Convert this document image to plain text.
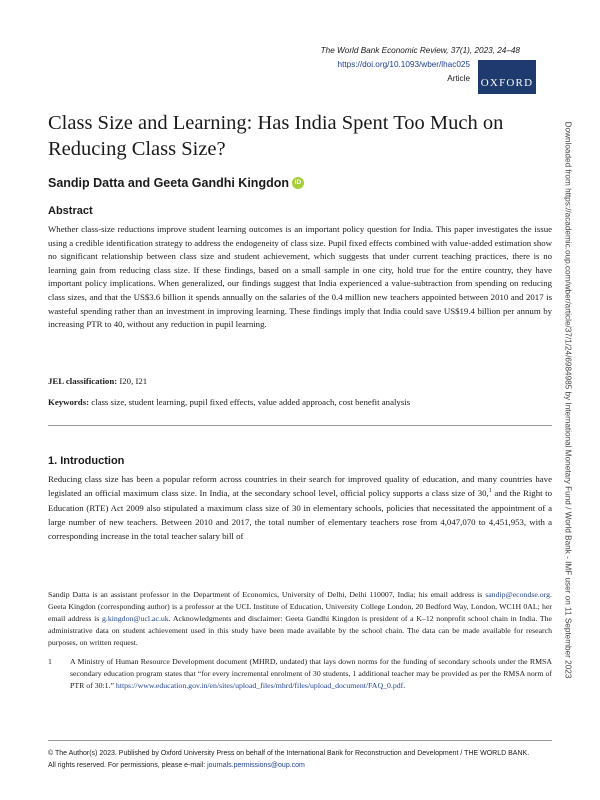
The World Bank Economic Review, 37(1), 2023, 24–48
https://doi.org/10.1093/wber/lhac025
Article OXFORD
Class Size and Learning: Has India Spent Too Much on Reducing Class Size?
Sandip Datta and Geeta Gandhi Kingdon iD
Abstract

Whether class-size reductions improve student learning outcomes is an important policy question for India. This paper investigates the issue using a credible identification strategy to address the endogeneity of class size. Pupil fixed effects combined with value-added estimation show no significant relationship between class size and student achievement, which suggests that under current teaching practices, there is no learning gain from reducing class size. If these findings, based on a small sample in one city, hold true for the entire country, they have important policy implications. When generalized, our findings suggest that India experienced a value-subtraction from spending on reducing class sizes, and that the US$3.6 billion it spends annually on the salaries of the 0.4 million new teachers appointed between 2010 and 2017 is wasteful spending rather than an investment in improving learning. These findings imply that India could save US$19.4 billion per annum by increasing PTR to 40, without any reduction in pupil learning.

JEL classification: I20, I21

Keywords: class size, student learning, pupil fixed effects, value added approach, cost benefit analysis

1. Introduction

Reducing class size has been a popular reform across countries in their search for improved quality of education, and many countries have legislated an official maximum class size. In India, at the secondary school level, official policy supports a class size of 30,$^1$ and the Right to Education (RTE) Act 2009 also stipulated a maximum class size of 30 in elementary schools, policies that necessitated the appointment of a large number of new teachers. Between 2010 and 2017, the total number of elementary teachers rose from 4,047,070 to 4,451,953, with a corresponding increase in the total teacher salary bill of

Sandip Datta is an assistant professor in the Department of Economics, University of Delhi, Delhi 110007, India; his email address is sandip@econdse.org. Geeta Kingdon (corresponding author) is a professor at the UCL Institute of Education, University College London, 20 Bedford Way, London, WC1H 0AL; her email address is g.kingdon@ucl.ac.uk. Acknowledgments and disclaimer: Geeta Gandhi Kingdon is president of a K–12 nonprofit school chain in India. The administrative data on student achievement used in this study have been made available by the school chain. The data can be made available for research purposes, on written request.

1	A Ministry of Human Resource Development document (MHRD, undated) that lays down norms for the funding of secondary schools under the RMSA secondary education program states that “for every incremental enrolment of 30 students, 1 additional teacher may be provided as per the RMSA norm of PTR of 30:1.” https://www.education.gov.in/en/sites/upload_files/mhrd/files/upload_document/FAQ_0.pdf.

© The Author(s) 2023. Published by Oxford University Press on behalf of the International Bank for Reconstruction and Development / THE WORLD BANK.
All rights reserved. For permissions, please e-mail: journals.permissions@oup.com

Downloaded from https://academic.oup.com/wber/article/37/1/24/6984985 by International Monetary Fund / World Bank - IMF user on 11 September 2023
